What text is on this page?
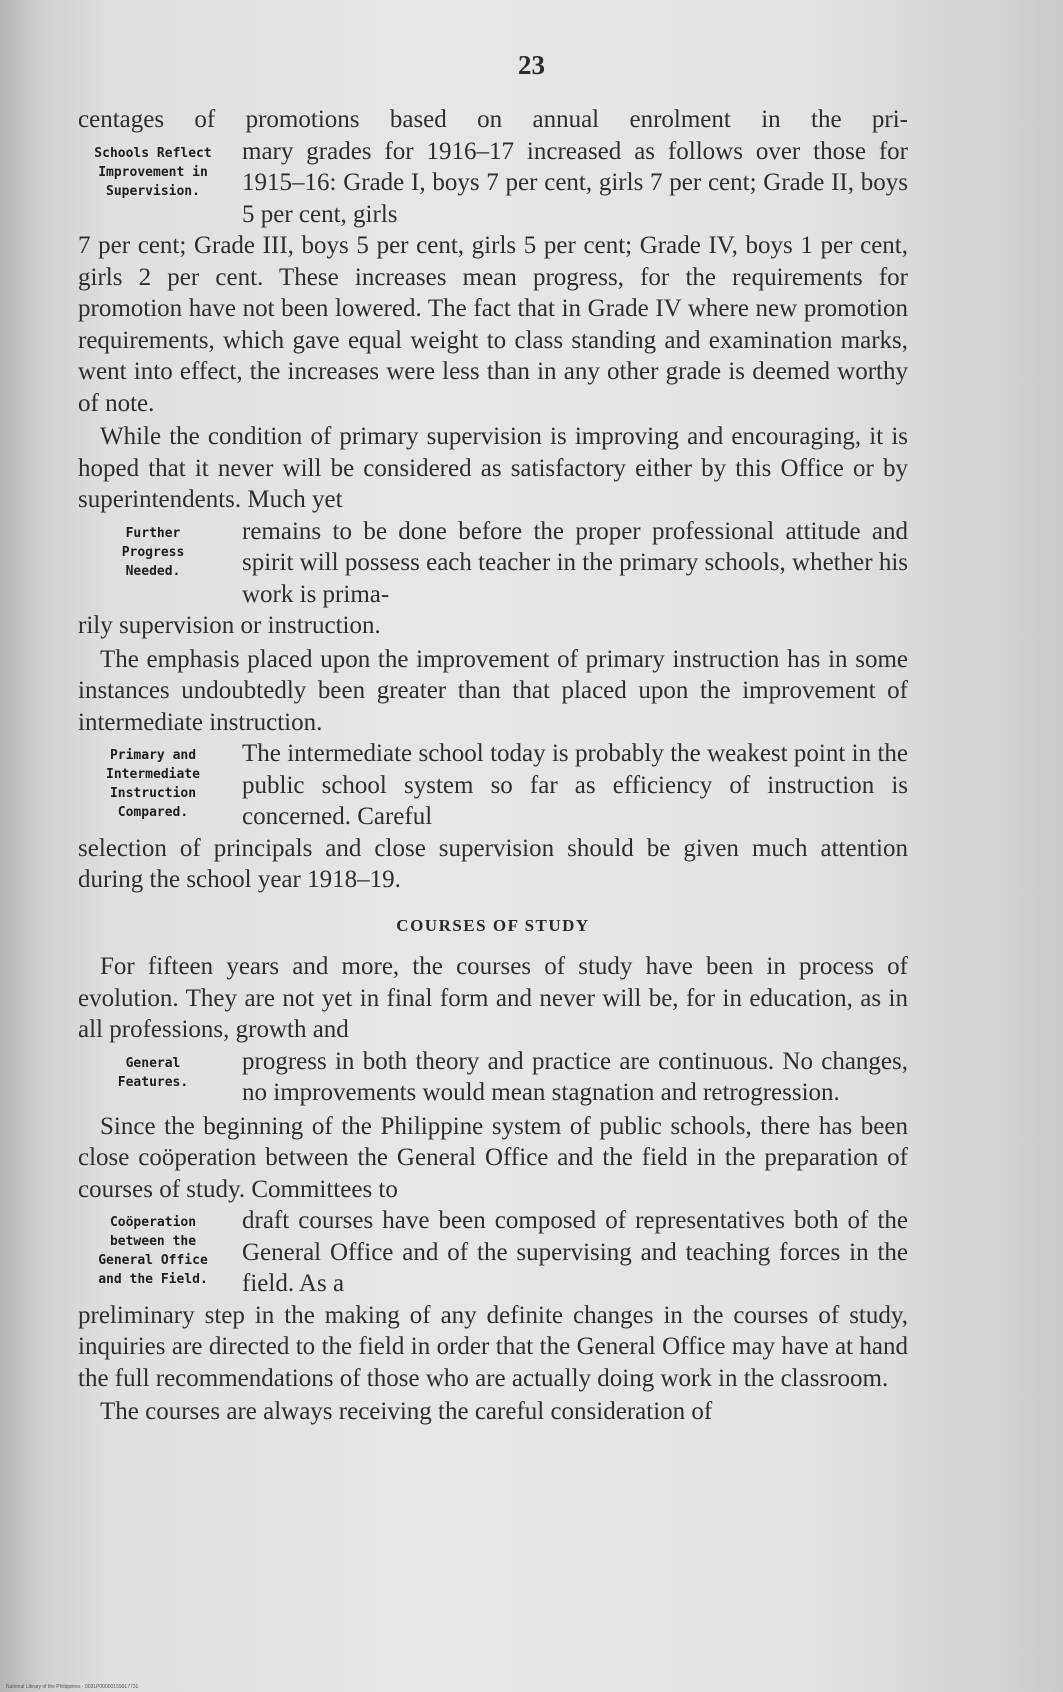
23

centages of promotions based on annual enrolment in the pri-

Schools Reflect
Improvement in
Supervision.

mary grades for 1916–17 increased as follows over those for 1915–16: Grade I, boys 7 per cent, girls 7 per cent; Grade II, boys 5 per cent, girls

7 per cent; Grade III, boys 5 per cent, girls 5 per cent; Grade IV, boys 1 per cent, girls 2 per cent. These increases mean progress, for the requirements for promotion have not been lowered. The fact that in Grade IV where new promotion requirements, which gave equal weight to class standing and examination marks, went into effect, the increases were less than in any other grade is deemed worthy of note.

While the condition of primary supervision is improving and encouraging, it is hoped that it never will be considered as satisfactory either by this Office or by superintendents. Much yet

Further
Progress
Needed.

remains to be done before the proper professional attitude and spirit will possess each teacher in the primary schools, whether his work is prima-

rily supervision or instruction.

The emphasis placed upon the improvement of primary instruction has in some instances undoubtedly been greater than that placed upon the improvement of intermediate instruction.

Primary and
Intermediate
Instruction
Compared.

The intermediate school today is probably the weakest point in the public school system so far as efficiency of instruction is concerned. Careful

selection of principals and close supervision should be given much attention during the school year 1918–19.

COURSES OF STUDY

For fifteen years and more, the courses of study have been in process of evolution. They are not yet in final form and never will be, for in education, as in all professions, growth and

General
Features.

progress in both theory and practice are continuous. No changes, no improvements would mean stagnation and retrogression.

Since the beginning of the Philippine system of public schools, there has been close coöperation between the General Office and the field in the preparation of courses of study. Committees to

Coöperation
between the
General Office
and the Field.

draft courses have been composed of representatives both of the General Office and of the supervising and teaching forces in the field. As a

preliminary step in the making of any definite changes in the courses of study, inquiries are directed to the field in order that the General Office may have at hand the full recommendations of those who are actually doing work in the classroom.

The courses are always receiving the careful consideration of

National Library of the Philippines · 0031P00000159017731
